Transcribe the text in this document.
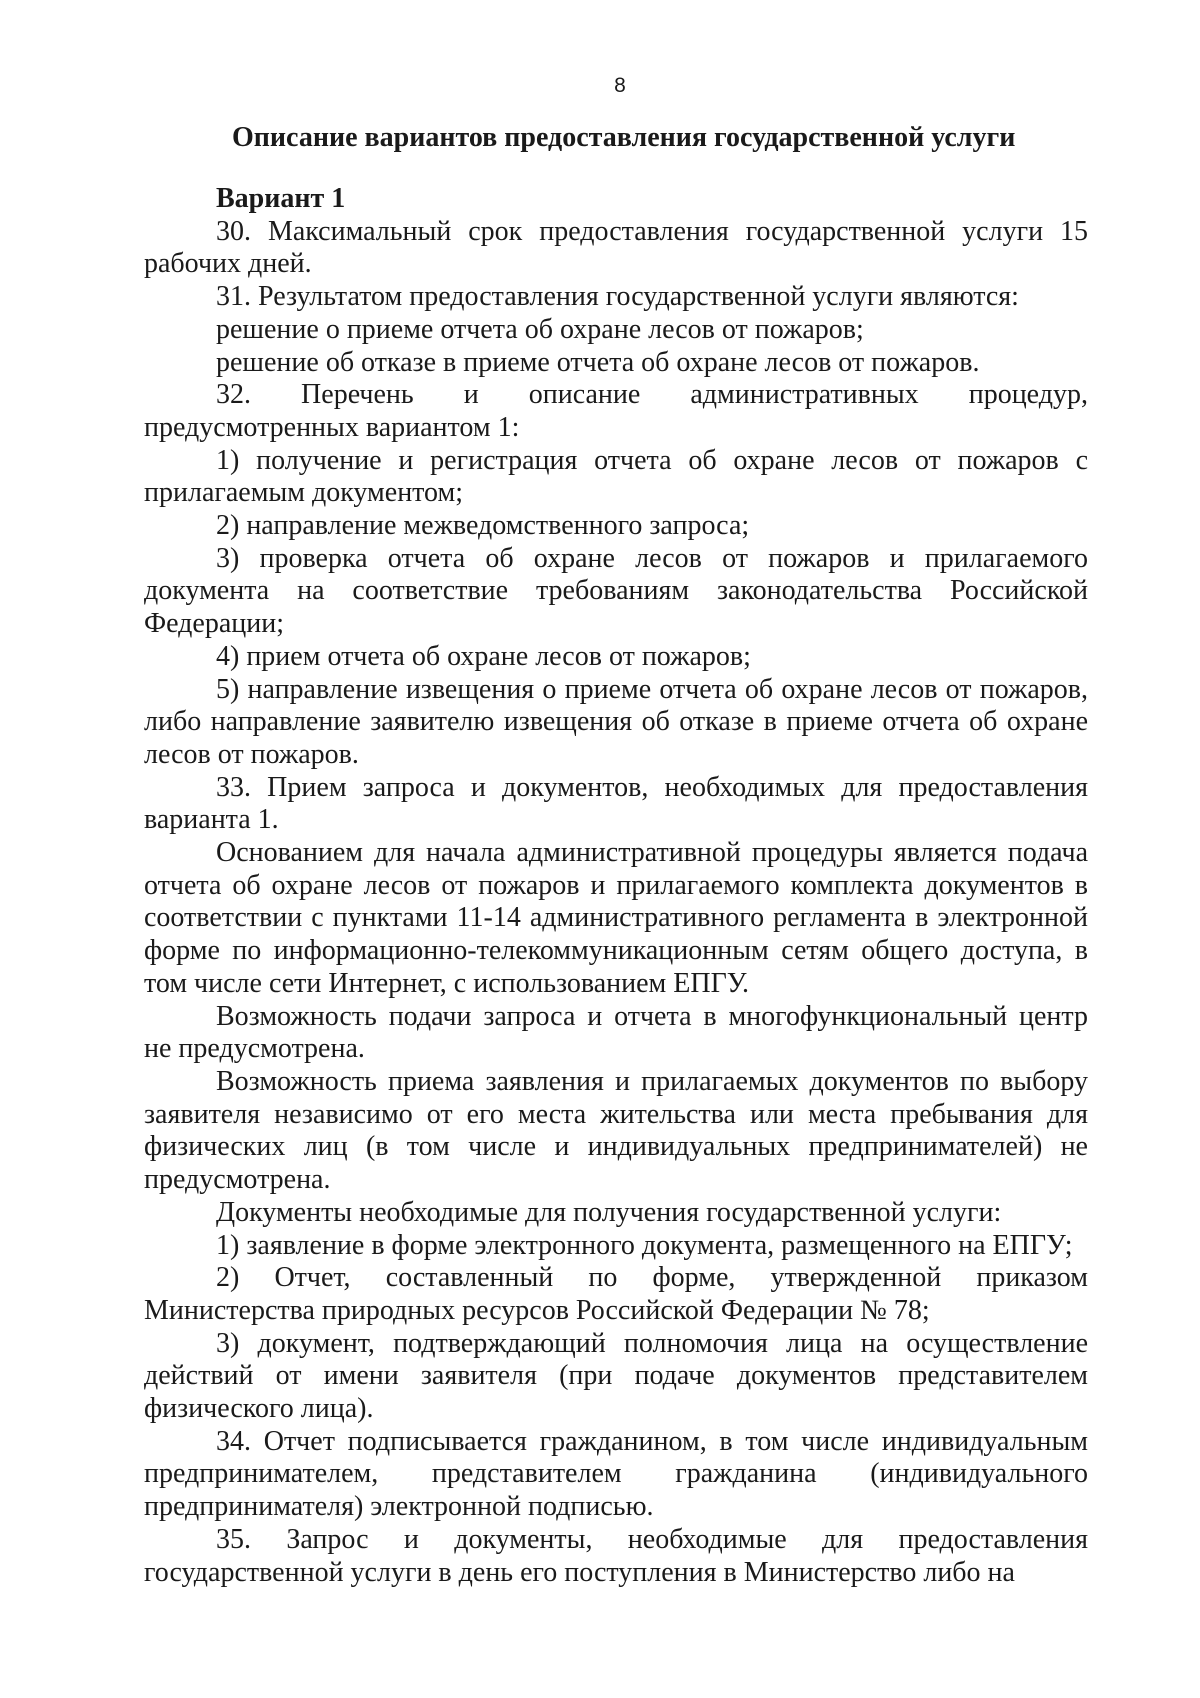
8
Описание вариантов предоставления государственной услуги

Вариант 1

30. Максимальный срок предоставления государственной услуги 15 рабочих дней.

31. Результатом предоставления государственной услуги являются:

решение о приеме отчета об охране лесов от пожаров;

решение об отказе в приеме отчета об охране лесов от пожаров.

32. Перечень и описание административных процедур, предусмотренных вариантом 1:

1) получение и регистрация отчета об охране лесов от пожаров с прилагаемым документом;

2) направление межведомственного запроса;

3) проверка отчета об охране лесов от пожаров и прилагаемого документа на соответствие требованиям законодательства Российской Федерации;

4) прием отчета об охране лесов от пожаров;

5) направление извещения о приеме отчета об охране лесов от пожаров, либо направление заявителю извещения об отказе в приеме отчета об охране лесов от пожаров.

33. Прием запроса и документов, необходимых для предоставления варианта 1.

Основанием для начала административной процедуры является подача отчета об охране лесов от пожаров и прилагаемого комплекта документов в соответствии с пунктами 11-14 административного регламента в электронной форме по информационно-телекоммуникационным сетям общего доступа, в том числе сети Интернет, с использованием ЕПГУ.

Возможность подачи запроса и отчета в многофункциональный центр не предусмотрена.

Возможность приема заявления и прилагаемых документов по выбору заявителя независимо от его места жительства или места пребывания для физических лиц (в том числе и индивидуальных предпринимателей) не предусмотрена.

Документы необходимые для получения государственной услуги:

1) заявление в форме электронного документа, размещенного на ЕПГУ;

2) Отчет, составленный по форме, утвержденной приказом Министерства природных ресурсов Российской Федерации № 78;

3) документ, подтверждающий полномочия лица на осуществление действий от имени заявителя (при подаче документов представителем физического лица).

34. Отчет подписывается гражданином, в том числе индивидуальным предпринимателем, представителем гражданина (индивидуального предпринимателя) электронной подписью.

35. Запрос и документы, необходимые для предоставления государственной услуги в день его поступления в Министерство либо на
